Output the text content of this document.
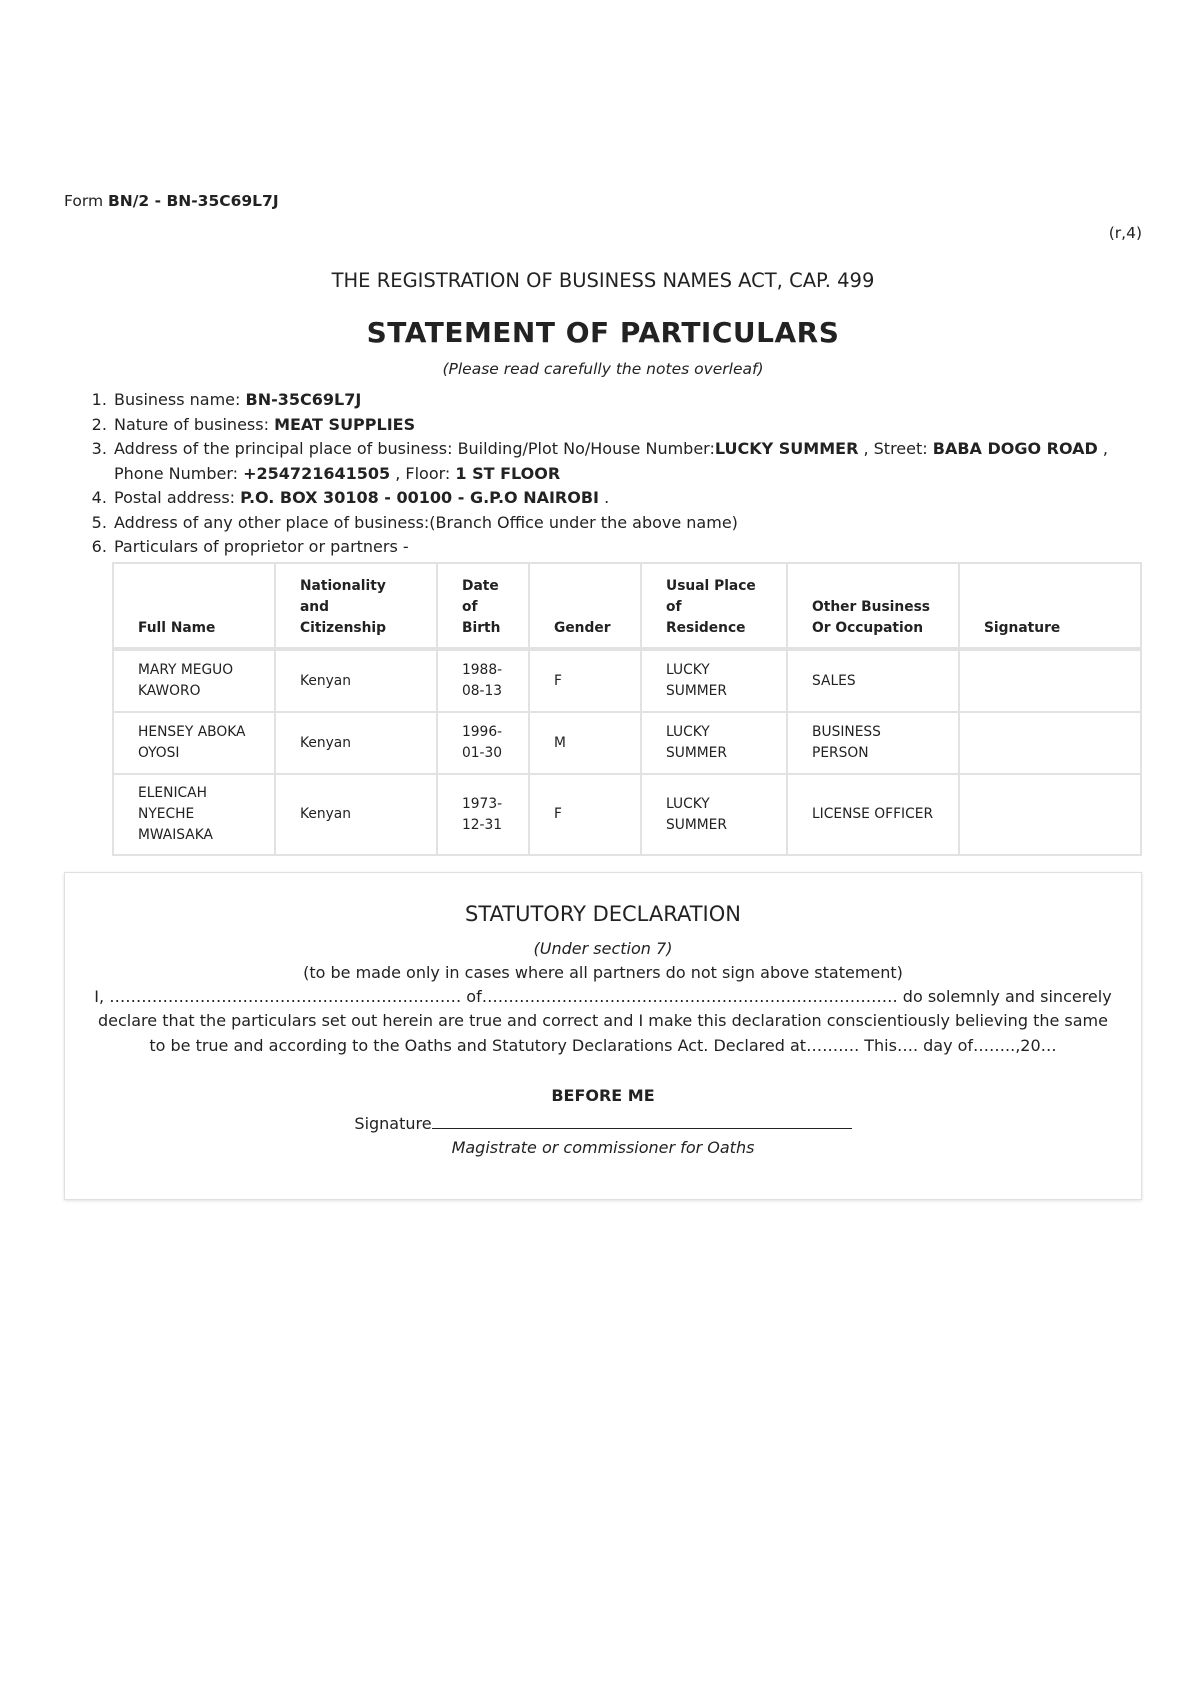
Form BN/2 - BN-35C69L7J
(r,4)
THE REGISTRATION OF BUSINESS NAMES ACT, CAP. 499
STATEMENT OF PARTICULARS
(Please read carefully the notes overleaf)
1. Business name: BN-35C69L7J
2. Nature of business: MEAT SUPPLIES
3. Address of the principal place of business: Building/Plot No/House Number:LUCKY SUMMER , Street: BABA DOGO ROAD , Phone Number: +254721641505 , Floor: 1 ST FLOOR
4. Postal address: P.O. BOX 30108 - 00100 - G.P.O NAIROBI .
5. Address of any other place of business:(Branch Office under the above name)
6. Particulars of proprietor or partners -
Full Name	Nationality and Citizenship	Date of Birth	Gender	Usual Place of Residence	Other Business Or Occupation	Signature
MARY MEGUO KAWORO	Kenyan	1988-08-13	F	LUCKY SUMMER	SALES	
HENSEY ABOKA OYOSI	Kenyan	1996-01-30	M	LUCKY SUMMER	BUSINESS PERSON	
ELENICAH NYECHE MWAISAKA	Kenyan	1973-12-31	F	LUCKY SUMMER	LICENSE OFFICER	
STATUTORY DECLARATION
(Under section 7)
(to be made only in cases where all partners do not sign above statement)
I, ………………………………………………………… of…………………………………………………………………… do solemnly and sincerely declare that the particulars set out herein are true and correct and I make this declaration conscientiously believing the same to be true and according to the Oaths and Statutory Declarations Act. Declared at………. This…. day of……..,20…
BEFORE ME
Signature
Magistrate or commissioner for Oaths
